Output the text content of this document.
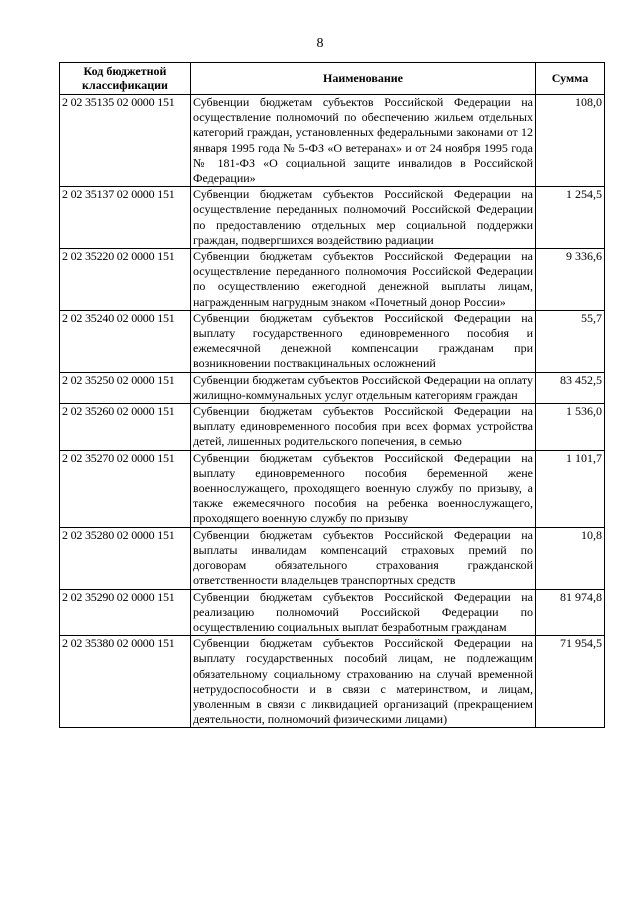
8
Код бюджетной классификации	Наименование	Сумма
2 02 35135 02 0000 151	Субвенции бюджетам субъектов Российской Федерации на осуществление полномочий по обеспечению жильем отдельных категорий граждан, установленных федеральными законами от 12 января 1995 года № 5-ФЗ «О ветеранах» и от 24 ноября 1995 года № 181-ФЗ «О социальной защите инвалидов в Российской Федерации»	108,0
2 02 35137 02 0000 151	Субвенции бюджетам субъектов Российской Федерации на осуществление переданных полномочий Российской Федерации по предоставлению отдельных мер социальной поддержки граждан, подвергшихся воздействию радиации	1 254,5
2 02 35220 02 0000 151	Субвенции бюджетам субъектов Российской Федерации на осуществление переданного полномочия Российской Федерации по осуществлению ежегодной денежной выплаты лицам, награжденным нагрудным знаком «Почетный донор России»	9 336,6
2 02 35240 02 0000 151	Субвенции бюджетам субъектов Российской Федерации на выплату государственного единовременного пособия и ежемесячной денежной компенсации гражданам при возникновении поствакцинальных осложнений	55,7
2 02 35250 02 0000 151	Субвенции бюджетам субъектов Российской Федерации на оплату жилищно-коммунальных услуг отдельным категориям граждан	83 452,5
2 02 35260 02 0000 151	Субвенции бюджетам субъектов Российской Федерации на выплату единовременного пособия при всех формах устройства детей, лишенных родительского попечения, в семью	1 536,0
2 02 35270 02 0000 151	Субвенции бюджетам субъектов Российской Федерации на выплату единовременного пособия беременной жене военнослужащего, проходящего военную службу по призыву, а также ежемесячного пособия на ребенка военнослужащего, проходящего военную службу по призыву	1 101,7
2 02 35280 02 0000 151	Субвенции бюджетам субъектов Российской Федерации на выплаты инвалидам компенсаций страховых премий по договорам обязательного страхования гражданской ответственности владельцев транспортных средств	10,8
2 02 35290 02 0000 151	Субвенции бюджетам субъектов Российской Федерации на реализацию полномочий Российской Федерации по осуществлению социальных выплат безработным гражданам	81 974,8
2 02 35380 02 0000 151	Субвенции бюджетам субъектов Российской Федерации на выплату государственных пособий лицам, не подлежащим обязательному социальному страхованию на случай временной нетрудоспособности и в связи с материнством, и лицам, уволенным в связи с ликвидацией организаций (прекращением деятельности, полномочий физическими лицами)	71 954,5
